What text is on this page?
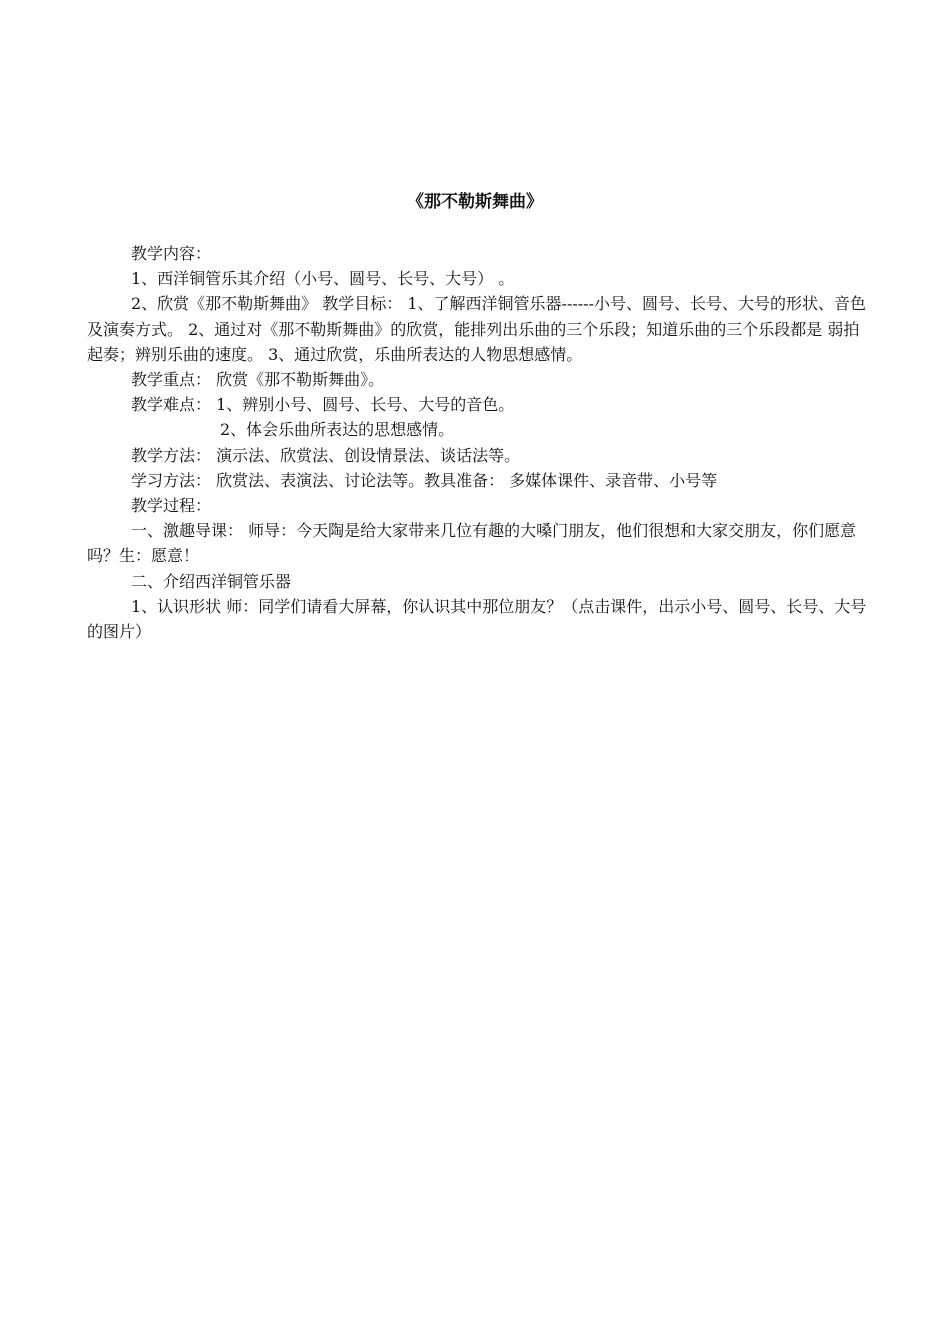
《那不勒斯舞曲》

教学内容：

1、西洋铜管乐其介绍（小号、圆号、长号、大号） 。

2、欣赏《那不勒斯舞曲》 教学目标： 1、了解西洋铜管乐器------小号、圆号、长号、大号的形状、音色及演奏方式。 2、通过对《那不勒斯舞曲》的欣赏，能排列出乐曲的三个乐段；知道乐曲的三个乐段都是 弱拍起奏；辨别乐曲的速度。 3、通过欣赏，乐曲所表达的人物思想感情。

教学重点： 欣赏《那不勒斯舞曲》。

教学难点： 1、辨别小号、圆号、长号、大号的音色。

2、体会乐曲所表达的思想感情。

教学方法： 演示法、欣赏法、创设情景法、谈话法等。

学习方法： 欣赏法、表演法、讨论法等。教具准备： 多媒体课件、录音带、小号等

教学过程：

一、激趣导课： 师导：今天陶是给大家带来几位有趣的大嗓门朋友，他们很想和大家交朋友，你们愿意吗？生：愿意！

二、介绍西洋铜管乐器

1、认识形状 师：同学们请看大屏幕，你认识其中那位朋友？（点击课件，出示小号、圆号、长号、大号的图片）
